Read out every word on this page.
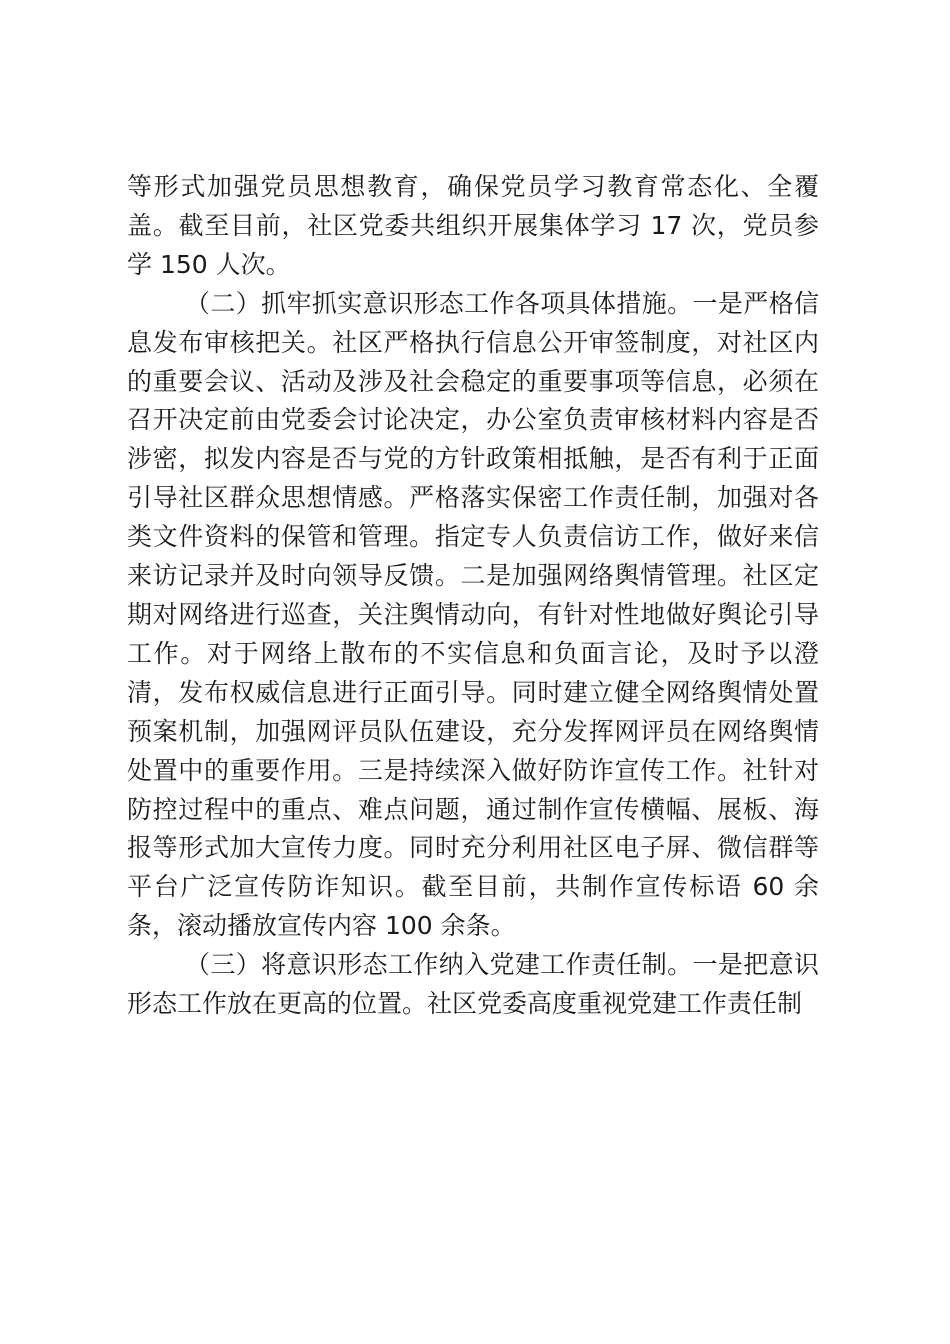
等形式加强党员思想教育，确保党员学习教育常态化、全覆盖。截至目前，社区党委共组织开展集体学习 17 次，党员参学 150 人次。

（二）抓牢抓实意识形态工作各项具体措施。一是严格信息发布审核把关。社区严格执行信息公开审签制度，对社区内的重要会议、活动及涉及社会稳定的重要事项等信息，必须在召开决定前由党委会讨论决定，办公室负责审核材料内容是否涉密，拟发内容是否与党的方针政策相抵触，是否有利于正面引导社区群众思想情感。严格落实保密工作责任制，加强对各类文件资料的保管和管理。指定专人负责信访工作，做好来信来访记录并及时向领导反馈。二是加强网络舆情管理。社区定期对网络进行巡查，关注舆情动向，有针对性地做好舆论引导工作。对于网络上散布的不实信息和负面言论，及时予以澄清，发布权威信息进行正面引导。同时建立健全网络舆情处置预案机制，加强网评员队伍建设，充分发挥网评员在网络舆情处置中的重要作用。三是持续深入做好防诈宣传工作。社针对防控过程中的重点、难点问题，通过制作宣传横幅、展板、海报等形式加大宣传力度。同时充分利用社区电子屏、微信群等平台广泛宣传防诈知识。截至目前，共制作宣传标语 60 余条，滚动播放宣传内容 100 余条。

（三）将意识形态工作纳入党建工作责任制。一是把意识形态工作放在更高的位置。社区党委高度重视党建工作责任制
